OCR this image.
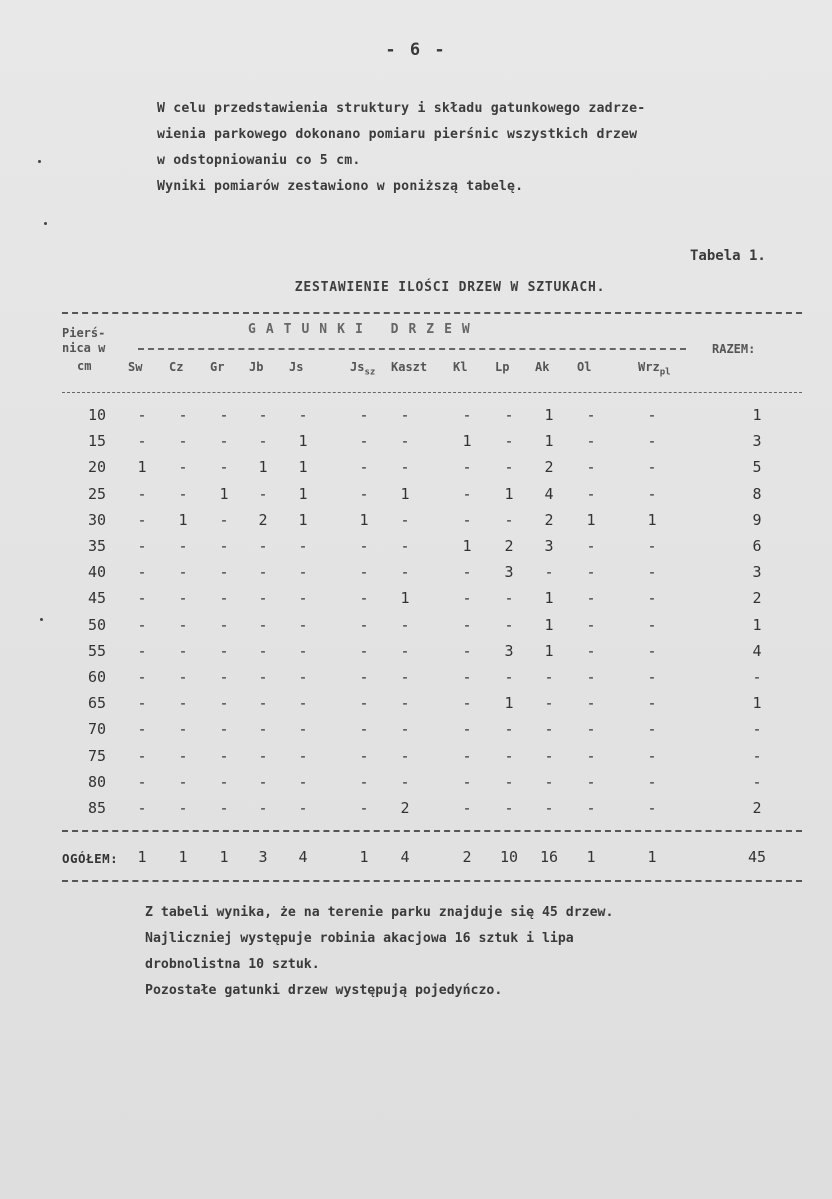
- 6 -

W celu przedstawienia struktury i składu gatunkowego zadrze-

wienia parkowego dokonano pomiaru pierśnic wszystkich drzew

w odstopniowaniu co 5 cm.

Wyniki pomiarów zestawiono w poniższą tabelę.

Tabela 1.
ZESTAWIENIE ILOŚCI DRZEW W SZTUKACH.
Pierś-
nica w
cm
GATUNKI DRZEW
RAZEM:
Sw Cz Gr Jb Js	$Js_{sz}$ Kaszt Kl Lp Ak Ol	Wrz$_{pl}$
10	-	-	-	-	-	-	-	-	-	1	-	-	1
15	-	-	-	-	1	-	-	1	-	1	-	-	3
20	1	-	-	1	1	-	-	-	-	2	-	-	5
25	-	-	1	-	1	-	1	-	1	4	-	-	8
30	-	1	-	2	1	1	-	-	-	2	1	1	9
35	-	-	-	-	-	-	-	1	2	3	-	-	6
40	-	-	-	-	-	-	-	-	3	-	-	-	3
45	-	-	-	-	-	-	1	-	-	1	-	-	2
50	-	-	-	-	-	-	-	-	-	1	-	-	1
55	-	-	-	-	-	-	-	-	3	1	-	-	4
60	-	-	-	-	-	-	-	-	-	-	-	-	-
65	-	-	-	-	-	-	-	-	1	-	-	-	1
70	-	-	-	-	-	-	-	-	-	-	-	-	-
75	-	-	-	-	-	-	-	-	-	-	-	-	-
80	-	-	-	-	-	-	-	-	-	-	-	-	-
85	-	-	-	-	-	-	2	-	-	-	-	-	2
OGÓŁEM:	1	1	1	3	4	1	4	2	10	16	1	1	45

Z tabeli wynika, że na terenie parku znajduje się 45 drzew.

Najliczniej występuje robinia akacjowa 16 sztuk i lipa

drobnolistna 10 sztuk.

Pozostałe gatunki drzew występują pojedyńczo.
